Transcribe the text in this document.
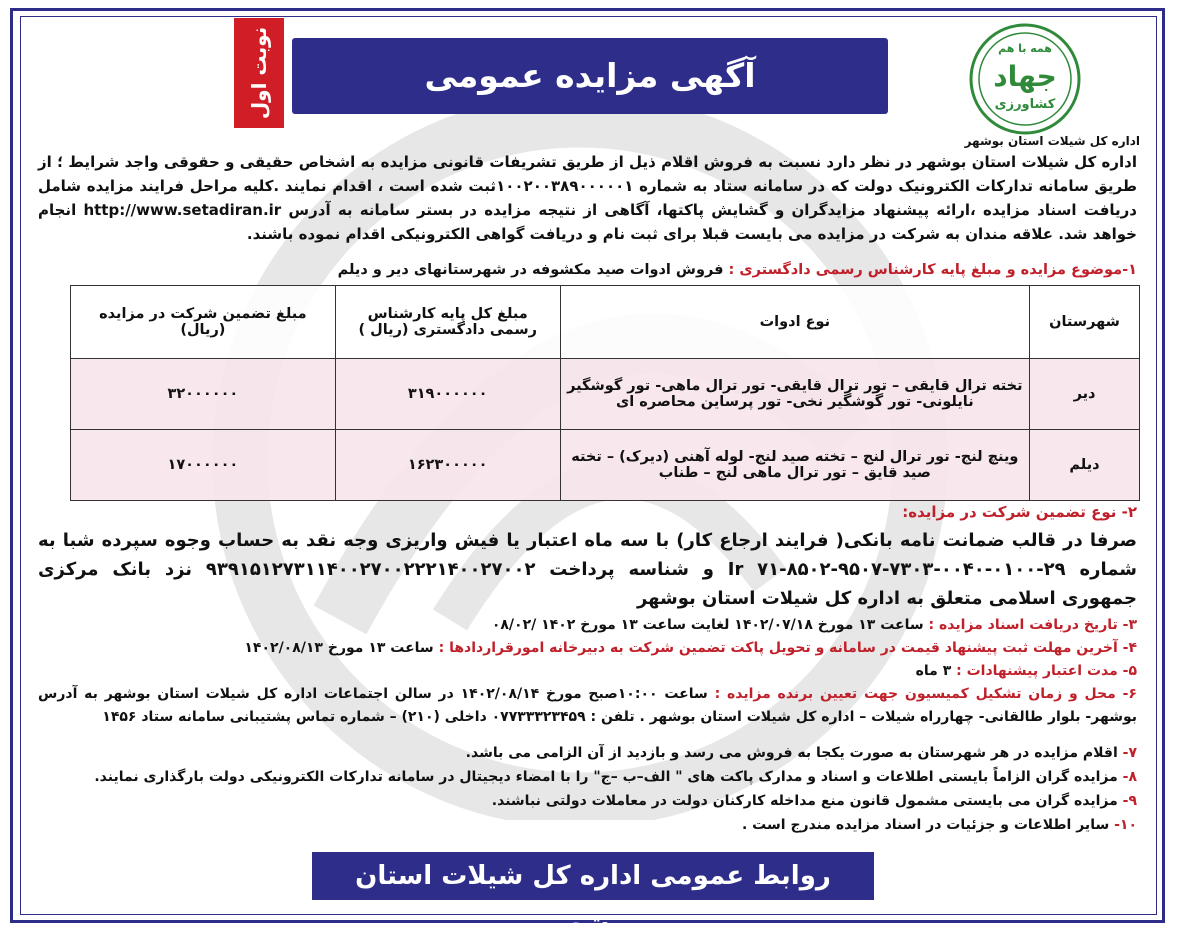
همه با هم
جهاد
کشاورزی
آگهی مزایده عمومی
نوبت اول
اداره کل شیلات استان بوشهر
اداره کل شیلات استان بوشهر در نظر دارد نسبت به فروش اقلام ذیل از طریق تشریفات قانونی مزایده به اشخاص حقیقی و حقوقی واجد شرایط ؛ از طریق سامانه تدارکات الکترونیک دولت که در سامانه ستاد به شماره ۱۰۰۲۰۰۳۸۹۰۰۰۰۰۱ثبت شده است ، اقدام نمایند .کلیه مراحل فرایند مزایده شامل دریافت اسناد مزایده ،ارائه پیشنهاد مزایدگران و گشایش پاکتها، آگاهی از نتیجه مزایده در بستر سامانه به آدرس http://www.setadiran.ir انجام خواهد شد. علاقه مندان به شرکت در مزایده می بایست قبلا برای ثبت نام و دریافت گواهی الکترونیکی اقدام نموده باشند.
۱-موضوع مزایده و مبلغ پایه کارشناس رسمی دادگستری : فروش ادوات صید مکشوفه در شهرستانهای دیر و دیلم
شهرستان	نوع ادوات	مبلغ کل پایه کارشناس رسمی دادگستری (ریال )	مبلغ تضمین شرکت در مزایده (ریال)
دیر	تخته ترال قایقی – تور ترال قایقی- تور ترال ماهی- تور گوشگیر نایلونی- تور گوشگیر نخی- تور پرساین محاصره ای	۳۱۹۰۰۰۰۰۰	۳۲۰۰۰۰۰۰
دیلم	وینچ لنج- تور ترال لنج – تخته صید لنج- لوله آهنی (دیرک) – تخته صید قایق – تور ترال ماهی لنج – طناب	۱۶۲۳۰۰۰۰۰	۱۷۰۰۰۰۰۰
۲- نوع تضمین شرکت در مزایده:
صرفا در قالب ضمانت نامه بانکی( فرایند ارجاع کار) با سه ماه اعتبار یا فیش واریزی وجه نقد به حساب وجوه سپرده شبا به شماره Ir ۷۱-۸۵۰۲-۹۵۰۷-۷۳۰۳-۰۰۴۰-۰۱۰۰-۲۹ و شناسه پرداخت ۹۳۹۱۵۱۲۷۳۱۱۴۰۰۲۷۰۰۲۲۲۱۴۰۰۲۷۰۰۲ نزد بانک مرکزی جمهوری اسلامی متعلق به اداره کل شیلات استان بوشهر
۳- تاریخ دریافت اسناد مزایده : ساعت ۱۳ مورخ ۱۴۰۲/۰۷/۱۸ لغایت ساعت ۱۳ مورخ ۱۴۰۲ /۰۸/۰۲
۴- آخرین مهلت ثبت پیشنهاد قیمت در سامانه و تحویل پاکت تضمین شرکت به دبیرخانه امورقراردادها : ساعت ۱۳ مورخ ۱۴۰۲/۰۸/۱۳
۵- مدت اعتبار پیشنهادات : ۳ ماه
۶- محل و زمان تشکیل کمیسیون جهت تعیین برنده مزایده : ساعت ۱۰:۰۰صبح مورخ ۱۴۰۲/۰۸/۱۴ در سالن اجتماعات اداره کل شیلات استان بوشهر به آدرس بوشهر- بلوار طالقانی- چهارراه شیلات – اداره کل شیلات استان بوشهر . تلفن : ۰۷۷۳۳۳۲۳۴۵۹ داخلی (۲۱۰) – شماره تماس پشتیبانی سامانه ستاد ۱۴۵۶
۷- اقلام مزایده در هر شهرستان به صورت یکجا به فروش می رسد و بازدید از آن الزامی می باشد.
۸- مزایده گران الزاماً بایستی اطلاعات و اسناد و مدارک پاکت های " الف–ب –ج" را با امضاء دیجیتال در سامانه تدارکات الکترونیکی دولت بارگذاری نمایند.
۹- مزایده گران می بایستی مشمول قانون منع مداخله کارکنان دولت در معاملات دولتی نباشند.
۱۰- سایر اطلاعات و جزئیات در اسناد مزایده مندرج است .
روابط عمومی اداره کل شیلات استان بوشهر
